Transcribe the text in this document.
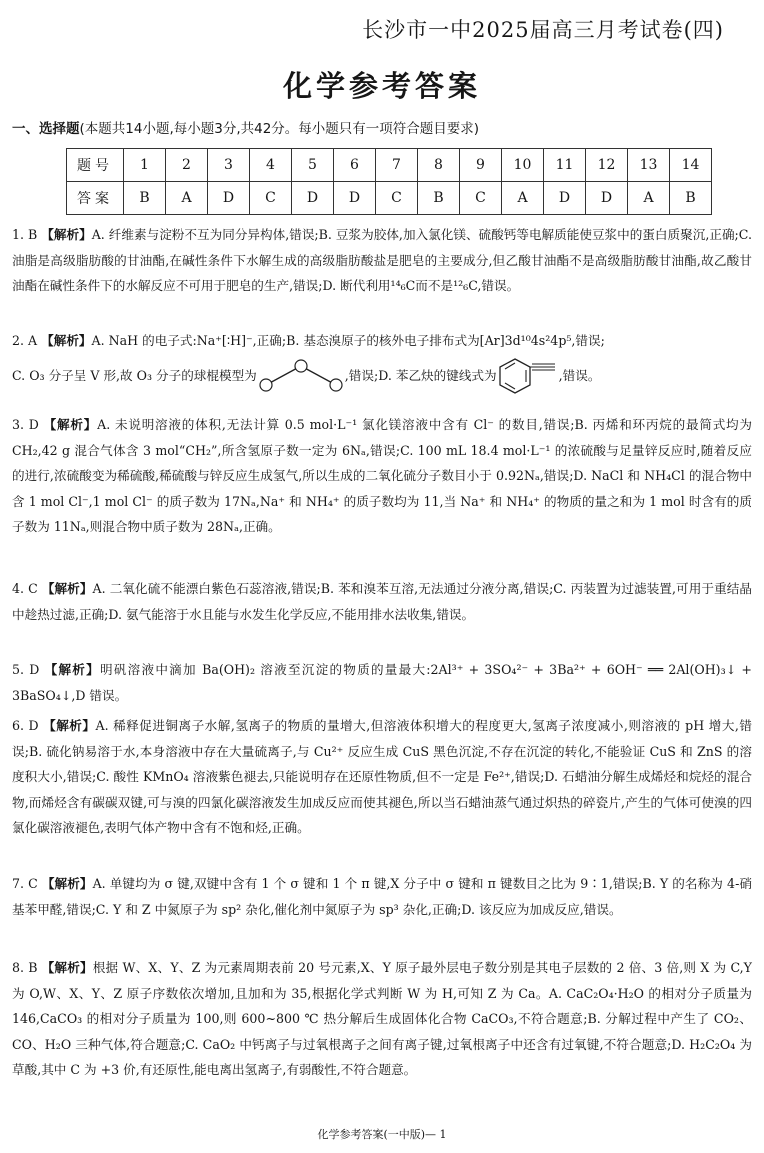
长沙市一中2025届高三月考试卷(四)
化学参考答案
一、选择题(本题共14小题,每小题3分,共42分。每小题只有一项符合题目要求)
题号	1	2	3	4	5	6	7	8	9	10	11	12	13	14
答案	B	A	D	C	D	D	C	B	C	A	D	D	A	B
1. B 【解析】A. 纤维素与淀粉不互为同分异构体,错误;B. 豆浆为胶体,加入氯化镁、硫酸钙等电解质能使豆浆中的蛋白质聚沉,正确;C. 油脂是高级脂肪酸的甘油酯,在碱性条件下水解生成的高级脂肪酸盐是肥皂的主要成分,但乙酸甘油酯不是高级脂肪酸甘油酯,故乙酸甘油酯在碱性条件下的水解反应不可用于肥皂的生产,错误;D. 断代利用¹⁴₆C而不是¹²₆C,错误。
2. A 【解析】A. NaH 的电子式:Na⁺[∶H]⁻,正确;B. 基态溴原子的核外电子排布式为[Ar]3d¹⁰4s²4p⁵,错误;
C. O₃ 分子呈 V 形,故 O₃ 分子的球棍模型为	,错误;D. 苯乙炔的键线式为	,错误。
3. D 【解析】A. 未说明溶液的体积,无法计算 0.5 mol·L⁻¹ 氯化镁溶液中含有 Cl⁻ 的数目,错误;B. 丙烯和环丙烷的最简式均为 CH₂,42 g 混合气体含 3 mol“CH₂”,所含氢原子数一定为 6Nₐ,错误;C. 100 mL 18.4 mol·L⁻¹ 的浓硫酸与足量锌反应时,随着反应的进行,浓硫酸变为稀硫酸,稀硫酸与锌反应生成氢气,所以生成的二氧化硫分子数目小于 0.92Nₐ,错误;D. NaCl 和 NH₄Cl 的混合物中含 1 mol Cl⁻,1 mol Cl⁻ 的质子数为 17Nₐ,Na⁺ 和 NH₄⁺ 的质子数均为 11,当 Na⁺ 和 NH₄⁺ 的物质的量之和为 1 mol 时含有的质子数为 11Nₐ,则混合物中质子数为 28Nₐ,正确。
4. C 【解析】A. 二氧化硫不能漂白紫色石蕊溶液,错误;B. 苯和溴苯互溶,无法通过分液分离,错误;C. 丙装置为过滤装置,可用于重结晶中趁热过滤,正确;D. 氨气能溶于水且能与水发生化学反应,不能用排水法收集,错误。
5. D 【解析】明矾溶液中滴加 Ba(OH)₂ 溶液至沉淀的物质的量最大:2Al³⁺ + 3SO₄²⁻ + 3Ba²⁺ + 6OH⁻ ══ 2Al(OH)₃↓ + 3BaSO₄↓,D 错误。
6. D 【解析】A. 稀释促进铜离子水解,氢离子的物质的量增大,但溶液体积增大的程度更大,氢离子浓度减小,则溶液的 pH 增大,错误;B. 硫化钠易溶于水,本身溶液中存在大量硫离子,与 Cu²⁺ 反应生成 CuS 黑色沉淀,不存在沉淀的转化,不能验证 CuS 和 ZnS 的溶度积大小,错误;C. 酸性 KMnO₄ 溶液紫色褪去,只能说明存在还原性物质,但不一定是 Fe²⁺,错误;D. 石蜡油分解生成烯烃和烷烃的混合物,而烯烃含有碳碳双键,可与溴的四氯化碳溶液发生加成反应而使其褪色,所以当石蜡油蒸气通过炽热的碎瓷片,产生的气体可使溴的四氯化碳溶液褪色,表明气体产物中含有不饱和烃,正确。
7. C 【解析】A. 单键均为 σ 键,双键中含有 1 个 σ 键和 1 个 π 键,X 分子中 σ 键和 π 键数目之比为 9∶1,错误;B. Y 的名称为 4-硝基苯甲醛,错误;C. Y 和 Z 中氮原子为 sp² 杂化,催化剂中氮原子为 sp³ 杂化,正确;D. 该反应为加成反应,错误。
8. B 【解析】根据 W、X、Y、Z 为元素周期表前 20 号元素,X、Y 原子最外层电子数分别是其电子层数的 2 倍、3 倍,则 X 为 C,Y 为 O,W、X、Y、Z 原子序数依次增加,且加和为 35,根据化学式判断 W 为 H,可知 Z 为 Ca。A. CaC₂O₄·H₂O 的相对分子质量为 146,CaCO₃ 的相对分子质量为 100,则 600~800 ℃ 热分解后生成固体化合物 CaCO₃,不符合题意;B. 分解过程中产生了 CO₂、CO、H₂O 三种气体,符合题意;C. CaO₂ 中钙离子与过氧根离子之间有离子键,过氧根离子中还含有过氧键,不符合题意;D. H₂C₂O₄ 为草酸,其中 C 为 +3 价,有还原性,能电离出氢离子,有弱酸性,不符合题意。
化学参考答案(一中版)— 1
